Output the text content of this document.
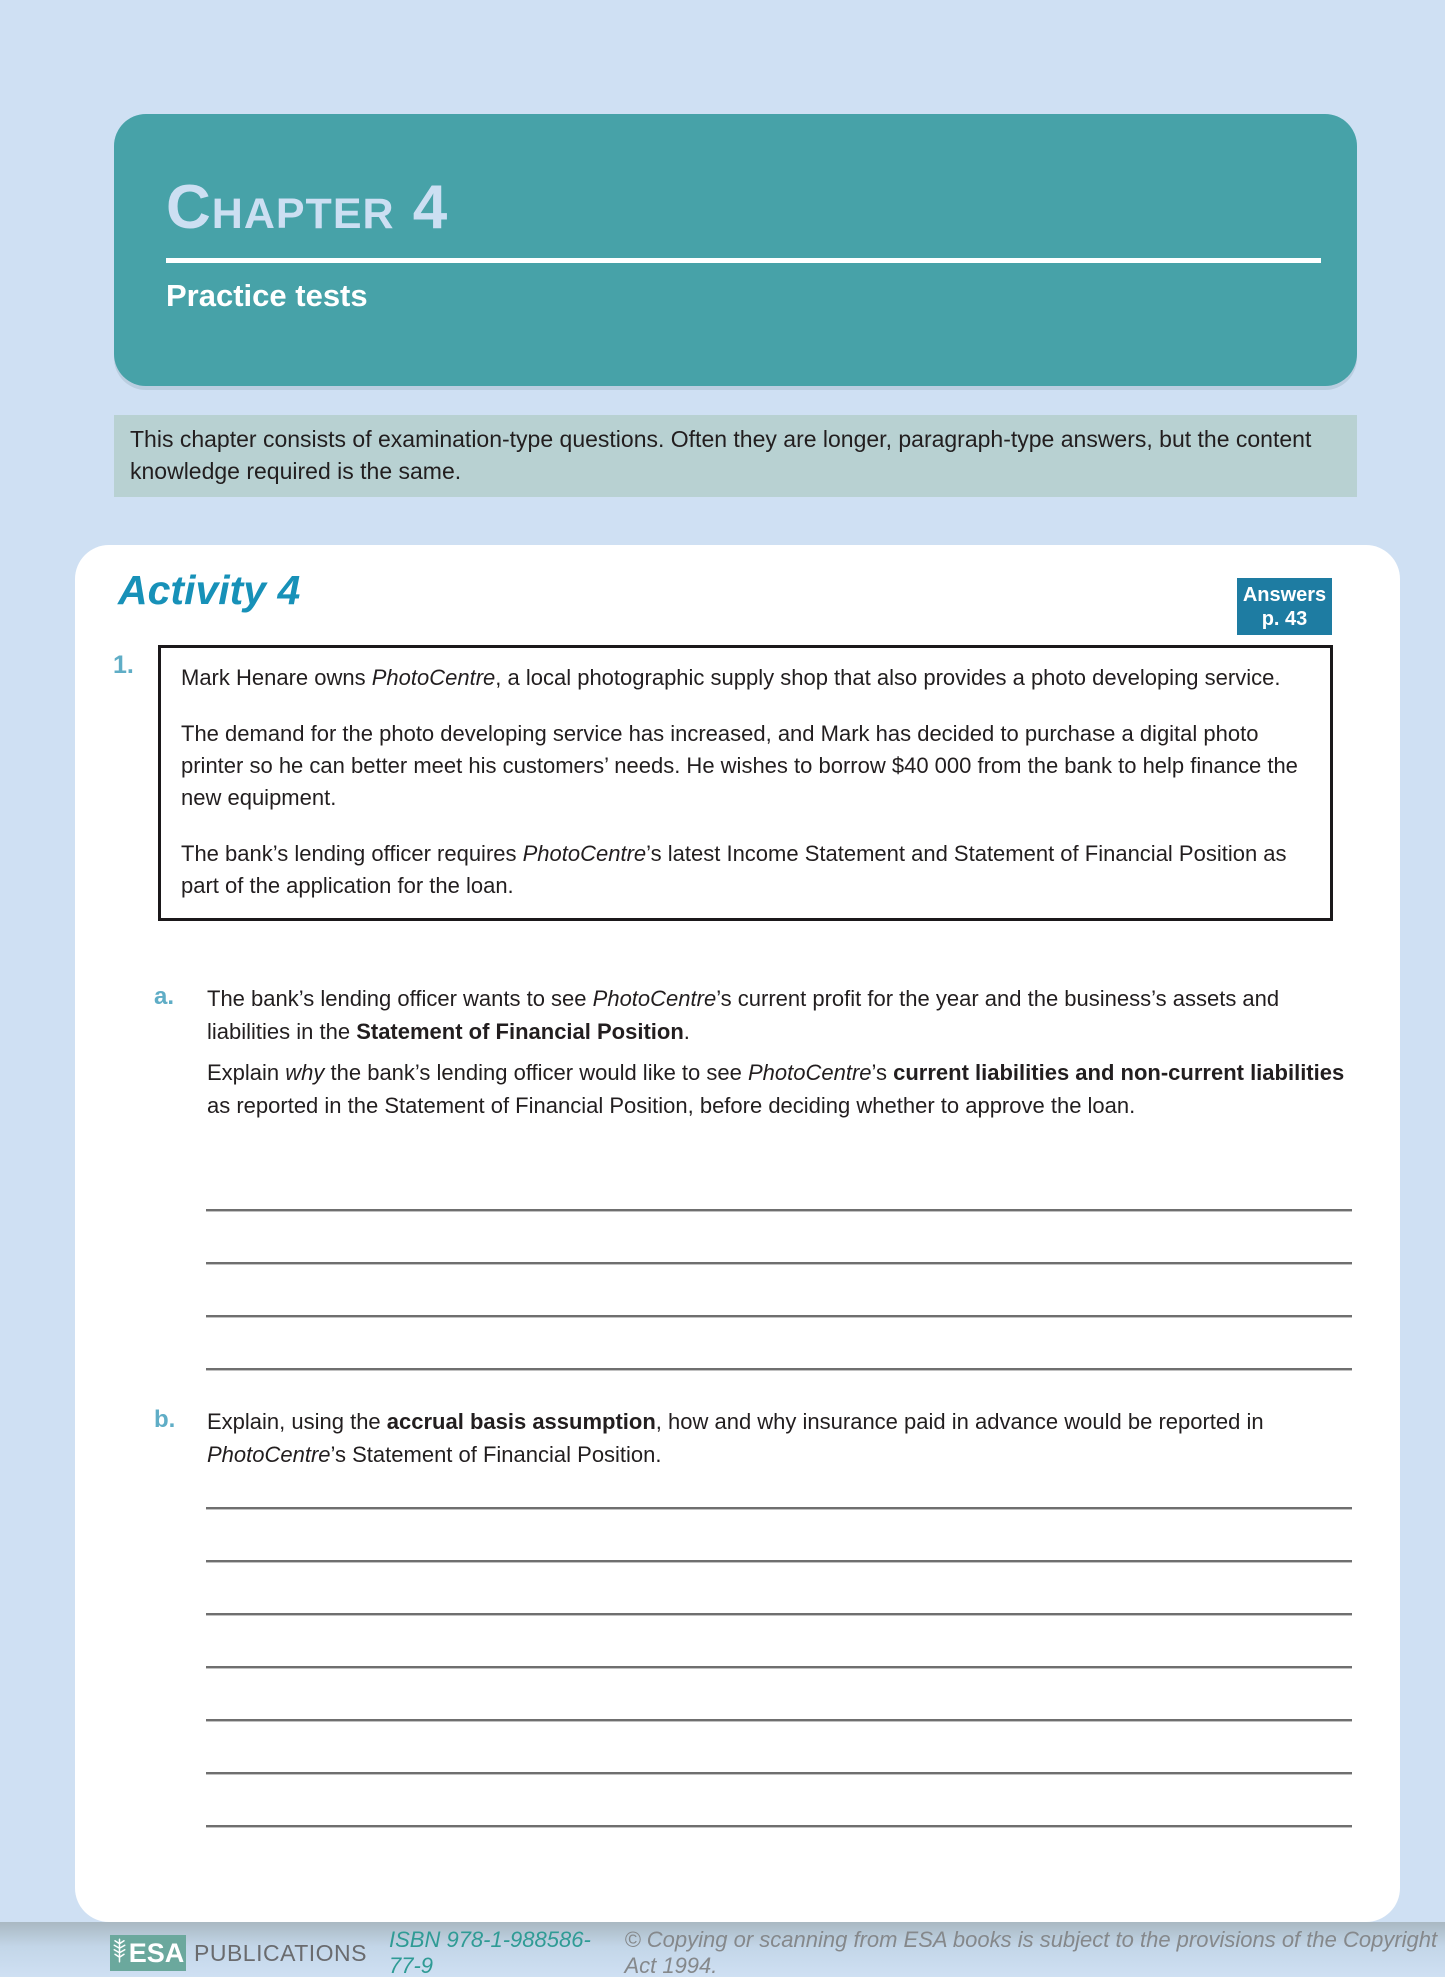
Chapter 4
Practice tests
This chapter consists of examination-type questions. Often they are longer, paragraph-type answers, but the content knowledge required is the same.
Activity 4	Answers
p. 43
1. Mark Henare owns PhotoCentre, a local photographic supply shop that also provides a photo developing service.

The demand for the photo developing service has increased, and Mark has decided to purchase a digital photo printer so he can better meet his customers’ needs. He wishes to borrow $40 000 from the bank to help finance the new equipment.

The bank’s lending officer requires PhotoCentre’s latest Income Statement and Statement of Financial Position as part of the application for the loan.

a.	The bank’s lending officer wants to see PhotoCentre’s current profit for the year and the business’s assets and liabilities in the Statement of Financial Position.

Explain why the bank’s lending officer would like to see PhotoCentre’s current liabilities and non-current liabilities as reported in the Statement of Financial Position, before deciding whether to approve the loan.

b.	Explain, using the accrual basis assumption, how and why insurance paid in advance would be reported in PhotoCentre’s Statement of Financial Position.

ESA PUBLICATIONS ISBN 978-1-988586-77-9
© Copying or scanning from ESA books is subject to the provisions of the Copyright Act 1994.
